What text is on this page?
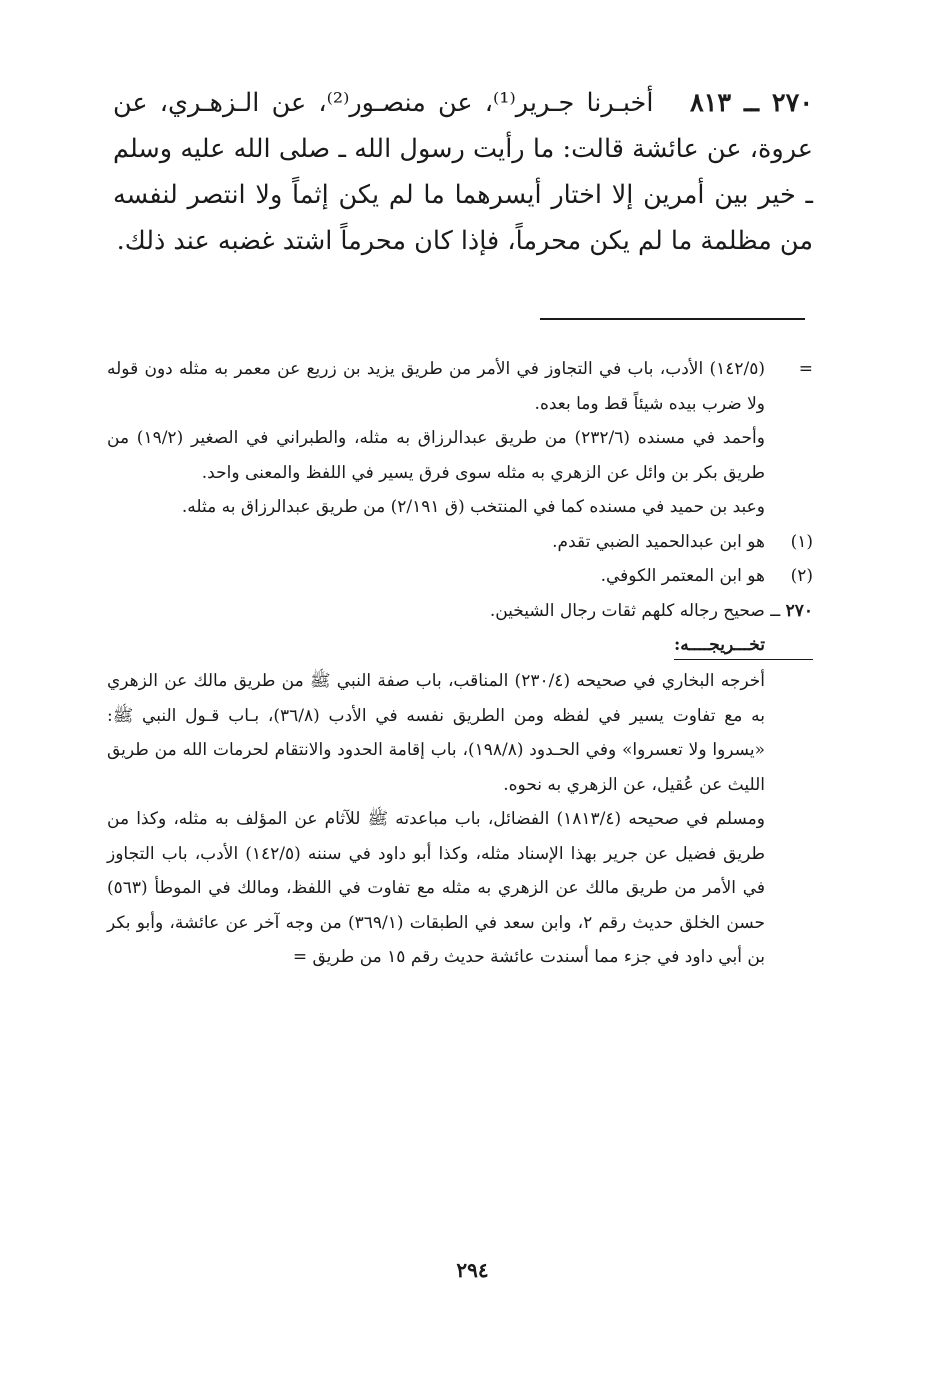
٢٧٠ ــ ٨١٣   أخبـرنا جـرير⁽¹⁾، عن منصـور⁽²⁾، عن الـزهـري، عن عروة، عن عائشة قالت: ما رأيت رسول الله ـ صلى الله عليه وسلم ـ خير بين أمرين إلا اختار أيسرهما ما لم يكن إثماً ولا انتصر لنفسه من مظلمة ما لم يكن محرماً، فإذا كان محرماً اشتد غضبه عند ذلك.

=

(١٤٢/٥) الأدب، باب في التجاوز في الأمر من طريق يزيد بن زريع عن معمر به مثله دون قوله ولا ضرب بيده شيئاً قط وما بعده.

وأحمد في مسنده (٢٣٢/٦) من طريق عبدالرزاق به مثله، والطبراني في الصغير (١٩/٢) من طريق بكر بن وائل عن الزهري به مثله سوى فرق يسير في اللفظ والمعنى واحد.

وعبد بن حميد في مسنده كما في المنتخب (ق ٢/١٩١) من طريق عبدالرزاق به مثله.

(١)
هو ابن عبدالحميد الضبي تقدم.
(٢)
هو ابن المعتمر الكوفي.
٢٧٠ ــ صحيح رجاله كلهم ثقات رجال الشيخين.
تخـــريجــــه:

أخرجه البخاري في صحيحه (٢٣٠/٤) المناقب، باب صفة النبي ﷺ من طريق مالك عن الزهري به مع تفاوت يسير في لفظه ومن الطريق نفسه في الأدب (٣٦/٨)، بـاب قـول النبي ﷺ: «يسروا ولا تعسروا» وفي الحـدود (١٩٨/٨)، باب إقامة الحدود والانتقام لحرمات الله من طريق الليث عن عُقيل، عن الزهري به نحوه.

ومسلم في صحيحه (١٨١٣/٤) الفضائل، باب مباعدته ﷺ للآثام عن المؤلف به مثله، وكذا من طريق فضيل عن جرير بهذا الإسناد مثله، وكذا أبو داود في سننه (١٤٢/٥) الأدب، باب التجاوز في الأمر من طريق مالك عن الزهري به مثله مع تفاوت في اللفظ، ومالك في الموطأ (٥٦٣) حسن الخلق حديث رقم ٢، وابن سعد في الطبقات (٣٦٩/١) من وجه آخر عن عائشة، وأبو بكر بن أبي داود في جزء مما أسندت عائشة حديث رقم ١٥ من طريق =

٢٩٤
